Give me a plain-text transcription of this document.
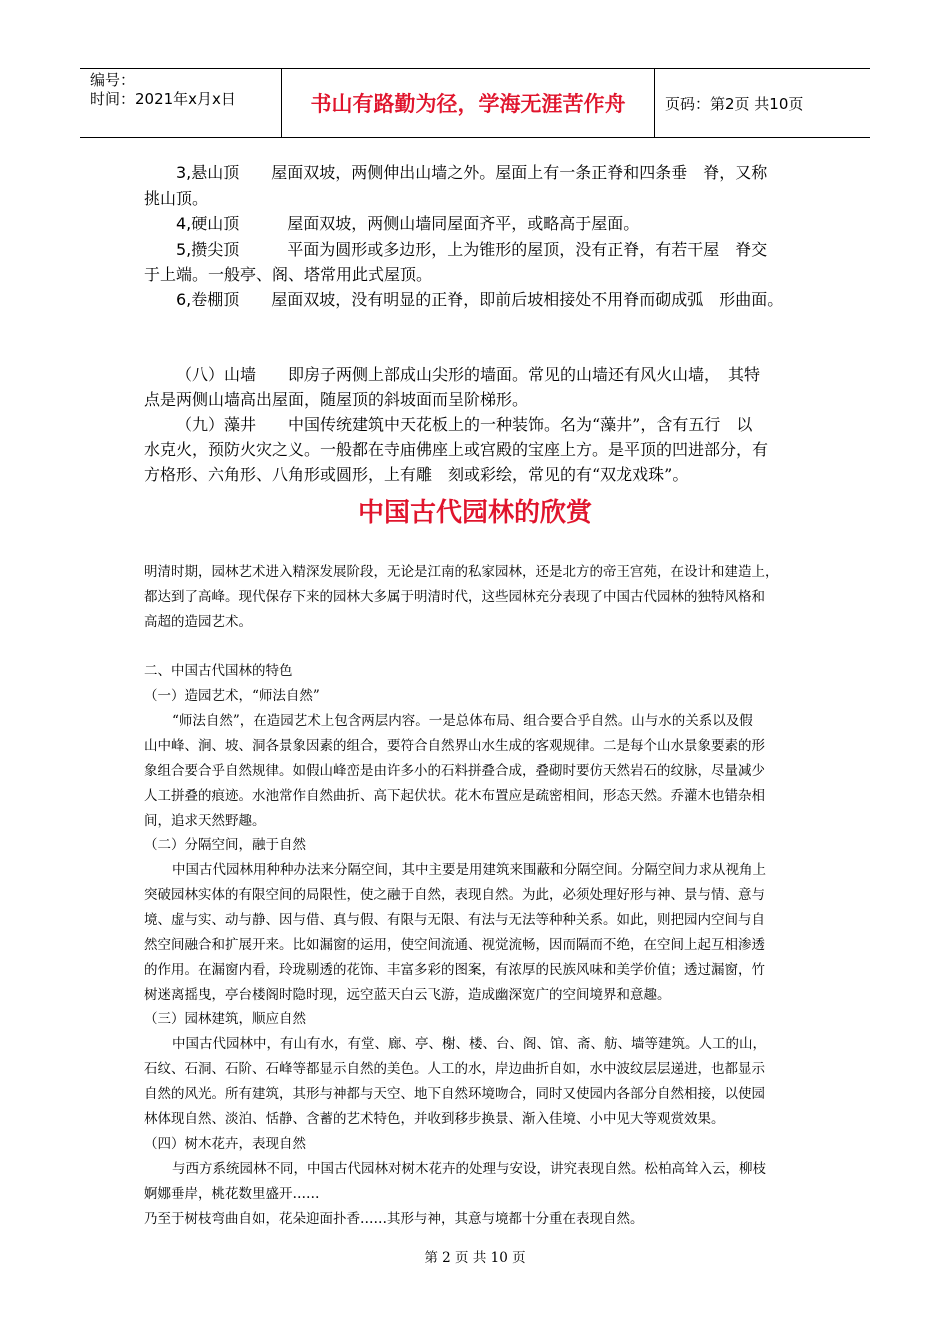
编号：
时间：2021年x月x日	书山有路勤为径，学海无涯苦作舟	页码：第2页 共10页
3,悬山顶　　屋面双坡，两侧伸出山墙之外。屋面上有一条正脊和四条垂　脊，又称
挑山顶。
4,硬山顶　　　屋面双坡，两侧山墙同屋面齐平，或略高于屋面。
5,攒尖顶　　　平面为圆形或多边形，上为锥形的屋顶，没有正脊，有若干屋　脊交
于上端。一般亭、阁、塔常用此式屋顶。
6,卷棚顶　　屋面双坡，没有明显的正脊，即前后坡相接处不用脊而砌成弧　形曲面。
（八）山墙　　即房子两侧上部成山尖形的墙面。常见的山墙还有风火山墙，　其特
点是两侧山墙高出屋面，随屋顶的斜坡面而呈阶梯形。
（九）藻井　　中国传统建筑中天花板上的一种装饰。名为“藻井”，含有五行　以
水克火，预防火灾之义。一般都在寺庙佛座上或宫殿的宝座上方。是平顶的凹进部分，有
方格形、六角形、八角形或圆形，上有雕　刻或彩绘，常见的有“双龙戏珠”。
中国古代园林的欣赏
明清时期，园林艺术进入精深发展阶段，无论是江南的私家园林，还是北方的帝王宫苑，在设计和建造上，
都达到了高峰。现代保存下来的园林大多属于明清时代，这些园林充分表现了中国古代园林的独特风格和
高超的造园艺术。
二、中国古代国林的特色
（一）造园艺术，“师法自然”
“师法自然”，在造园艺术上包含两层内容。一是总体布局、组合要合乎自然。山与水的关系以及假
山中峰、涧、坡、洞各景象因素的组合，要符合自然界山水生成的客观规律。二是每个山水景象要素的形
象组合要合乎自然规律。如假山峰峦是由许多小的石料拼叠合成，叠砌时要仿天然岩石的纹脉，尽量减少
人工拼叠的痕迹。水池常作自然曲折、高下起伏状。花木布置应是疏密相间，形态天然。乔灌木也错杂相
间，追求天然野趣。
（二）分隔空间，融于自然
中国古代园林用种种办法来分隔空间，其中主要是用建筑来围蔽和分隔空间。分隔空间力求从视角上
突破园林实体的有限空间的局限性，使之融于自然，表现自然。为此，必须处理好形与神、景与情、意与
境、虚与实、动与静、因与借、真与假、有限与无限、有法与无法等种种关系。如此，则把园内空间与自
然空间融合和扩展开来。比如漏窗的运用，使空间流通、视觉流畅，因而隔而不绝，在空间上起互相渗透
的作用。在漏窗内看，玲珑剔透的花饰、丰富多彩的图案，有浓厚的民族风味和美学价值；透过漏窗，竹
树迷离摇曳，亭台楼阁时隐时现，远空蓝天白云飞游，造成幽深宽广的空间境界和意趣。
（三）园林建筑，顺应自然
中国古代园林中，有山有水，有堂、廊、亭、榭、楼、台、阁、馆、斋、舫、墙等建筑。人工的山，
石纹、石洞、石阶、石峰等都显示自然的美色。人工的水，岸边曲折自如，水中波纹层层递进，也都显示
自然的风光。所有建筑，其形与神都与天空、地下自然环境吻合，同时又使园内各部分自然相接，以使园
林体现自然、淡泊、恬静、含蓄的艺术特色，并收到移步换景、渐入佳境、小中见大等观赏效果。
（四）树木花卉，表现自然
与西方系统园林不同，中国古代园林对树木花卉的处理与安设，讲究表现自然。松柏高耸入云，柳枝
婀娜垂岸，桃花数里盛开……
乃至于树枝弯曲自如，花朵迎面扑香……其形与神，其意与境都十分重在表现自然。
第 2 页 共 10 页
